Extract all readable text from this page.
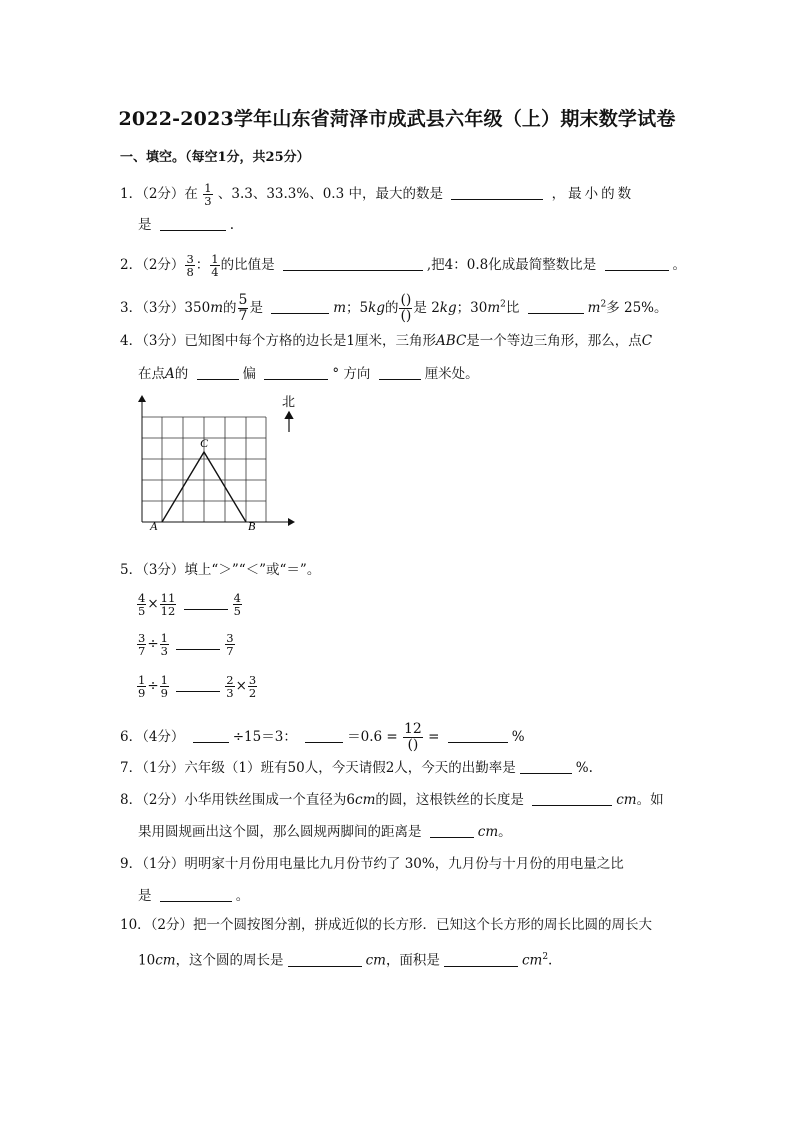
2022-2023学年山东省菏泽市成武县六年级（上）期末数学试卷
一、填空。（每空1分，共25分）
1．（2分）在 $\frac{1}{3}$ 、3.3、33.3%、0.3 中，最大的数是	，最小的数
是	.
2．（2分） $\frac{3}{8}$ ： $\frac{1}{4}$ 的比值是	,把4：0.8化成最简整数比是	。
3．（3分）350m的 $\frac{5}{7}$ 是	m；5kg的 $\frac{()}{()}$ 是 2kg；$30m^2$比	$m^2$多 25%。
4．（3分）已知图中每个方格的边长是1厘米，三角形ABC是一个等边三角形，那么，点C
在点A的	偏	° 方向	厘米处。
A	B
C
北
5．（3分）填上“＞”“＜”或“＝”。
$\frac{4}{5} \times \frac{11}{12}$
	$\frac{4}{5}$
$\frac{3}{7} \div \frac{1}{3}$
	$\frac{3}{7}$
$\frac{1}{9} \div \frac{1}{9}$
	$\frac{2}{3} \times \frac{3}{2}$
6．（4分）	÷15＝3：	$=0.6 = \frac{12}{()}$ =	%
7．（1分）六年级（1）班有50人，今天请假2人，今天的出勤率是	%.
8．（2分）小华用铁丝围成一个直径为6cm的圆，这根铁丝的长度是	cm。如
果用圆规画出这个圆，那么圆规两脚间的距离是	cm。
9．（1分）明明家十月份用电量比九月份节约了 30%，九月份与十月份的用电量之比
是	。
10．（2分）把一个圆按图分割，拼成近似的长方形．已知这个长方形的周长比圆的周长大
10cm，这个圆的周长是	cm，面积是	$cm^2$.
